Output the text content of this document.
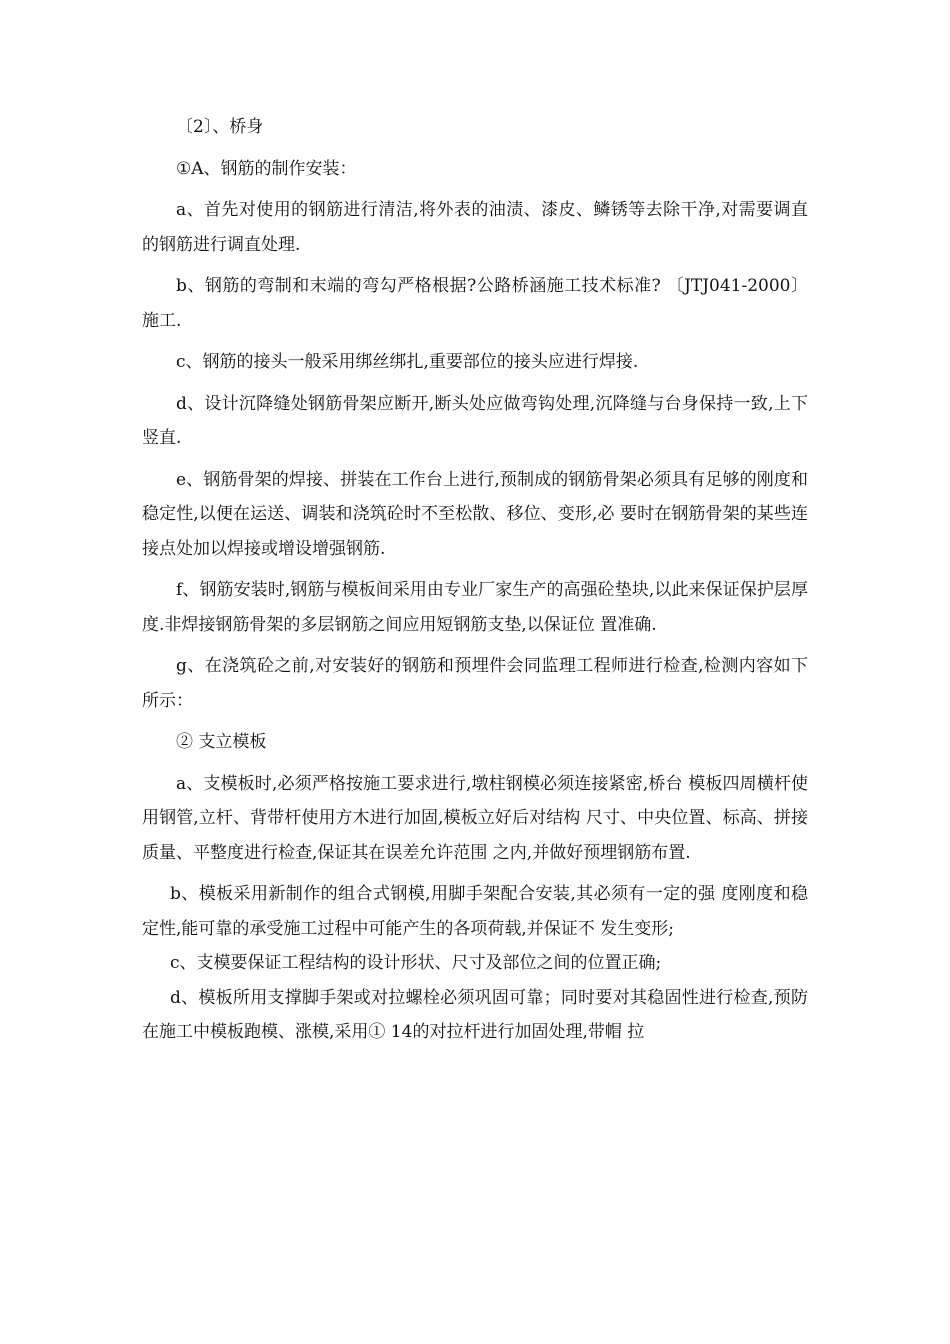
〔2〕、桥身

①A、钢筋的制作安装：

a、首先对使用的钢筋进行清洁,将外表的油渍、漆皮、鳞锈等去除干净,对需要调直的钢筋进行调直处理.

b、钢筋的弯制和末端的弯勾严格根据?公路桥涵施工技术标准? 〔JTJ041-2000〕施工.

c、钢筋的接头一般采用绑丝绑扎,重要部位的接头应进行焊接.

d、设计沉降缝处钢筋骨架应断开,断头处应做弯钩处理,沉降缝与台身保持一致,上下竖直.

e、钢筋骨架的焊接、拼装在工作台上进行,预制成的钢筋骨架必须具有足够的刚度和稳定性,以便在运送、调装和浇筑砼时不至松散、移位、变形,必 要时在钢筋骨架的某些连接点处加以焊接或增设增强钢筋.

f、钢筋安装时,钢筋与模板间采用由专业厂家生产的高强砼垫块,以此来保证保护层厚度.非焊接钢筋骨架的多层钢筋之间应用短钢筋支垫,以保证位 置准确.

g、在浇筑砼之前,对安装好的钢筋和预埋件会同监理工程师进行检查,检测内容如下所示：

② 支立模板

a、支模板时,必须严格按施工要求进行,墩柱钢模必须连接紧密,桥台 模板四周横杆使用钢管,立杆、背带杆使用方木进行加固,模板立好后对结构 尺寸、中央位置、标高、拼接质量、平整度进行检查,保证其在误差允许范围 之内,并做好预埋钢筋布置.

b、模板采用新制作的组合式钢模,用脚手架配合安装,其必须有一定的强 度刚度和稳定性,能可靠的承受施工过程中可能产生的各项荷载,并保证不 发生变形;

c、支模要保证工程结构的设计形状、尺寸及部位之间的位置正确;

d、模板所用支撑脚手架或对拉螺栓必须巩固可靠；同时要对其稳固性进行检查,预防在施工中模板跑模、涨模,采用① 14的对拉杆进行加固处理,带帽 拉
